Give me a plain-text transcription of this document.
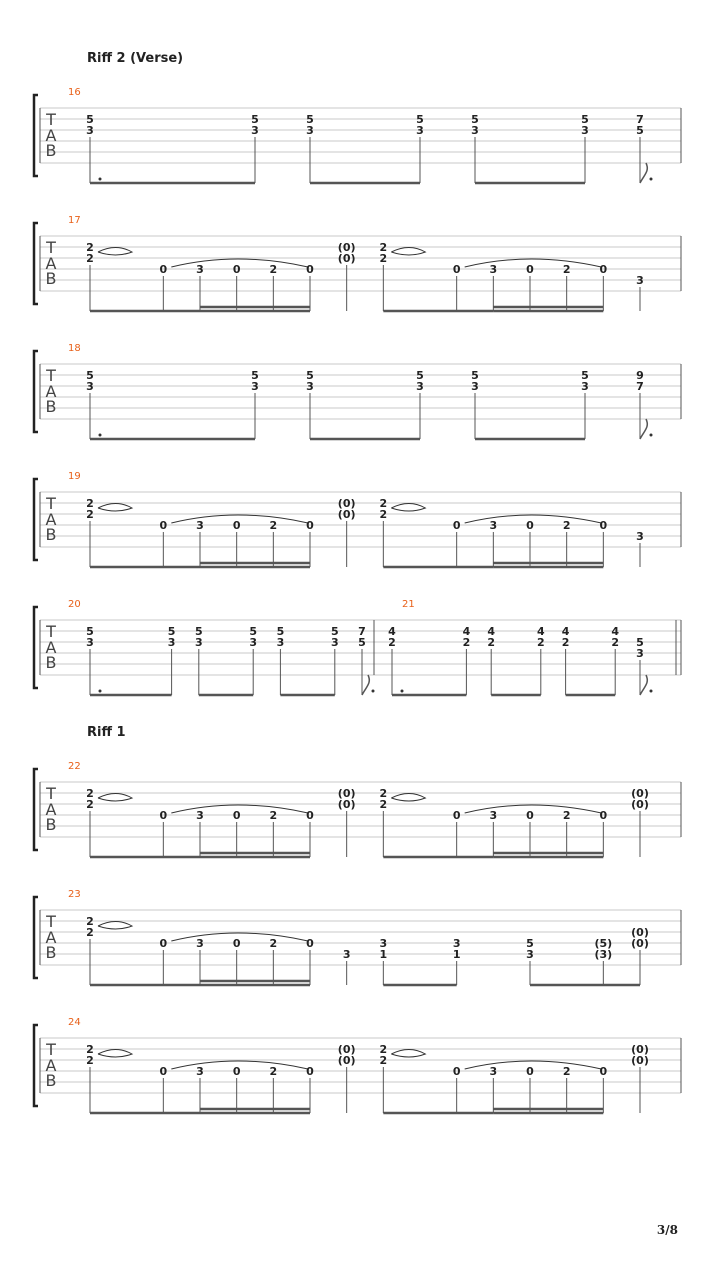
Riff 2 (Verse)
Riff 1
T
A
B
16
5
3
5
3
5
3
5
3
5
3
5
3
7
5
T
A
B
17
2
2
0	3	0	2	0
(0)
(0)
2
2
0	3	0	2	0
3
T
A
B
18
5
3
5
3
5
3
5
3
5
3
5
3
9
7
T
A
B
19
2
2
0	3	0	2	0
(0)
(0)
2
2
0	3	0	2	0
3
T
A
B
20
5
3
5
3
5
3
5
3
5
3
5
3
7
5
21
4
2
4
2
4
2
4
2
4
2
4
2 5
3
T
A
B
22
2
2
0	3	0	2	0
(0)
(0)
2
2
0	3	0	2	0
(0)
(0)
T
A
B
23
2
2
0	3	0	2	0
3
3
1
3
1
5
3
(5)
(3)
(0)
(0)
T
A
B
24
2
2
0	3	0	2	0
(0)
(0)
2
2
0	3	0	2	0
(0)
(0)
3/8
